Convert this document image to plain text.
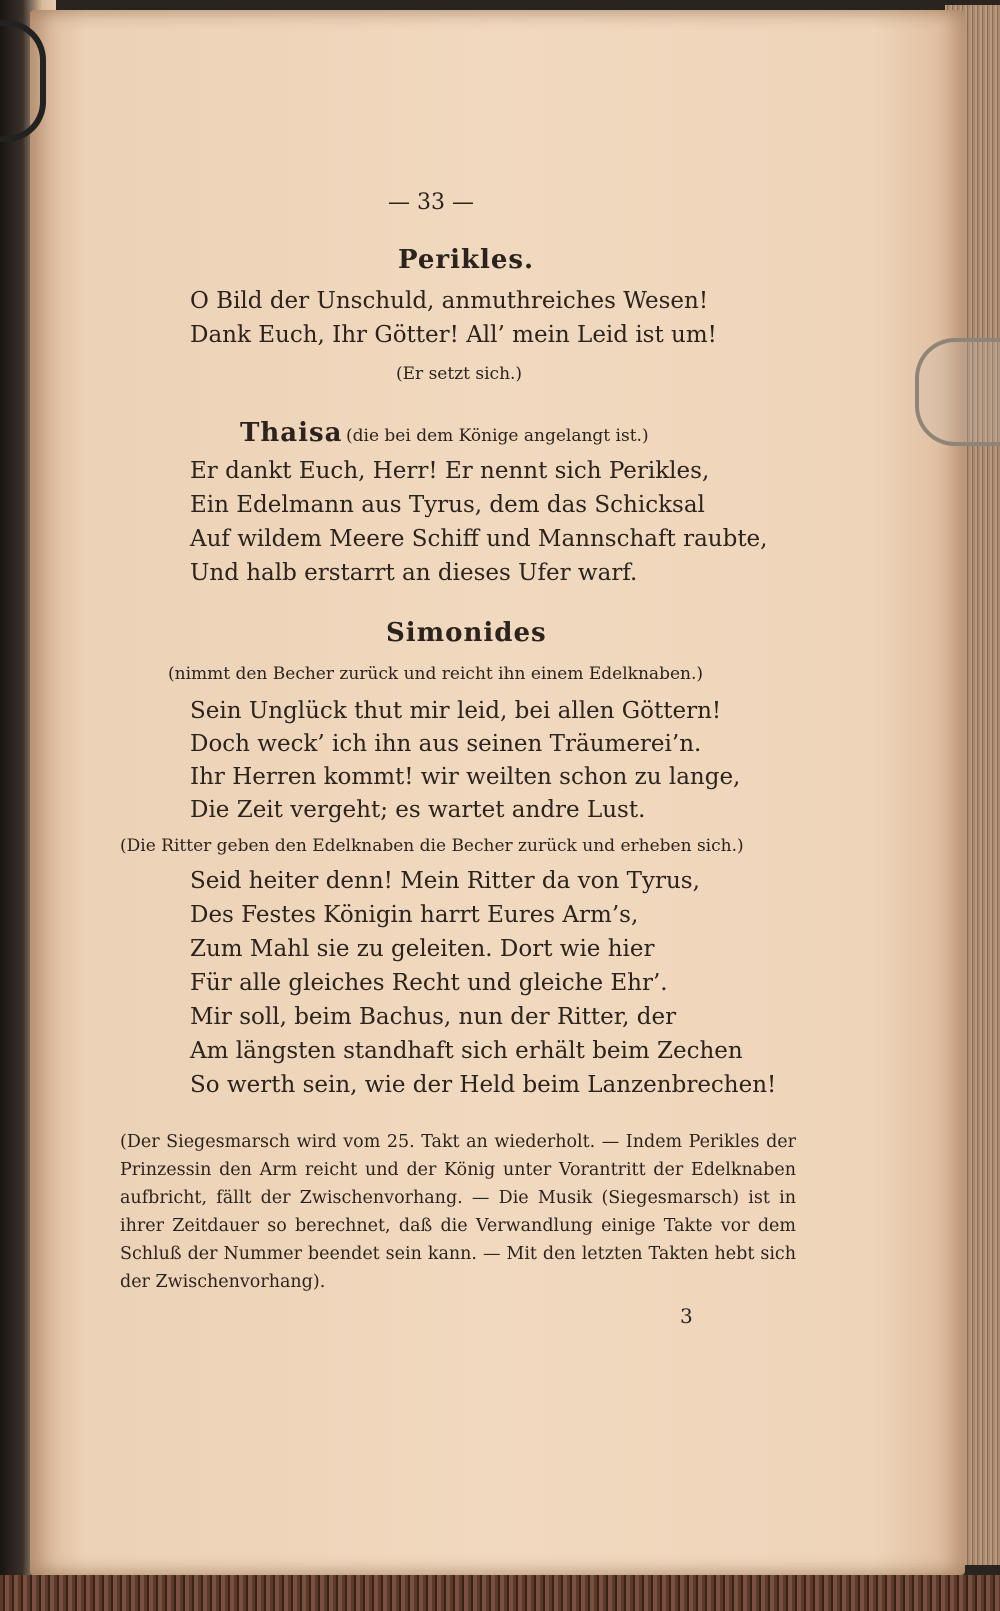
— 33 —
Perikles.
O Bild der Unschuld, anmuthreiches Wesen!
Dank Euch, Ihr Götter! All’ mein Leid ist um!
(Er setzt sich.)
Thaisa (die bei dem Könige angelangt ist.)
Er dankt Euch, Herr! Er nennt sich Perikles,
Ein Edelmann aus Tyrus, dem das Schicksal
Auf wildem Meere Schiff und Mannschaft raubte,
Und halb erstarrt an dieses Ufer warf.
Simonides
(nimmt den Becher zurück und reicht ihn einem Edelknaben.)
Sein Unglück thut mir leid, bei allen Göttern!
Doch weck’ ich ihn aus seinen Träumerei’n.
Ihr Herren kommt! wir weilten schon zu lange,
Die Zeit vergeht; es wartet andre Lust.
(Die Ritter geben den Edelknaben die Becher zurück und erheben sich.)
Seid heiter denn! Mein Ritter da von Tyrus,
Des Festes Königin harrt Eures Arm’s,
Zum Mahl sie zu geleiten. Dort wie hier
Für alle gleiches Recht und gleiche Ehr’.
Mir soll, beim Bachus, nun der Ritter, der
Am längsten standhaft sich erhält beim Zechen
So werth sein, wie der Held beim Lanzenbrechen!
(Der Siegesmarsch wird vom 25. Takt an wiederholt. — Indem Perikles der Prinzessin den Arm reicht und der König unter Vorantritt der Edelknaben aufbricht, fällt der Zwischenvorhang. — Die Musik (Siegesmarsch) ist in ihrer Zeitdauer so berechnet, daß die Verwandlung einige Takte vor dem Schluß der Nummer beendet sein kann. — Mit den letzten Takten hebt sich der Zwischenvorhang).
3
